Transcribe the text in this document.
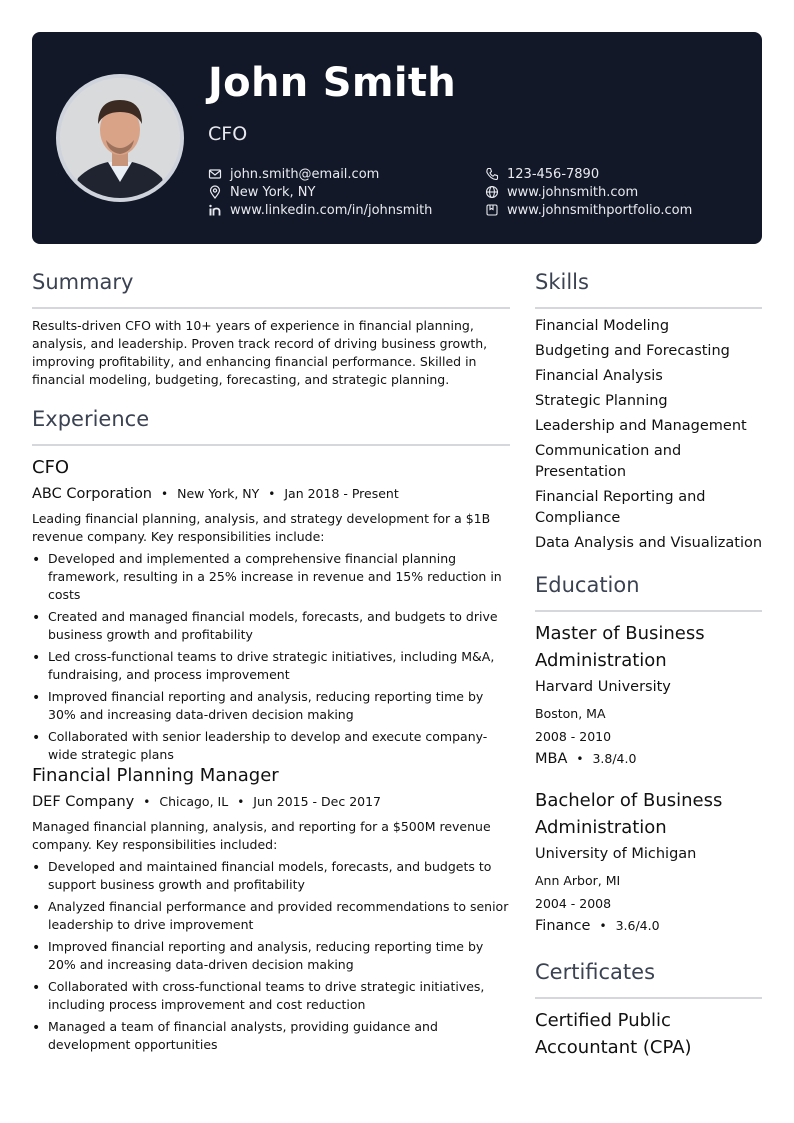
John Smith
CFO
john.smith@email.com
New York, NY
www.linkedin.com/in/johnsmith
123-456-7890
www.johnsmith.com
www.johnsmithportfolio.com
Summary
Results-driven CFO with 10+ years of experience in financial planning, analysis, and leadership. Proven track record of driving business growth, improving profitability, and enhancing financial performance. Skilled in financial modeling, budgeting, forecasting, and strategic planning.
Experience
CFO
ABC Corporation • New York, NY • Jan 2018 - Present
Leading financial planning, analysis, and strategy development for a $1B revenue company. Key responsibilities include:
• Developed and implemented a comprehensive financial planning framework, resulting in a 25% increase in revenue and 15% reduction in costs
• Created and managed financial models, forecasts, and budgets to drive business growth and profitability
• Led cross-functional teams to drive strategic initiatives, including M&A, fundraising, and process improvement
• Improved financial reporting and analysis, reducing reporting time by 30% and increasing data-driven decision making
• Collaborated with senior leadership to develop and execute company-wide strategic plans
Financial Planning Manager
DEF Company • Chicago, IL • Jun 2015 - Dec 2017
Managed financial planning, analysis, and reporting for a $500M revenue company. Key responsibilities included:
• Developed and maintained financial models, forecasts, and budgets to support business growth and profitability
• Analyzed financial performance and provided recommendations to senior leadership to drive improvement
• Improved financial reporting and analysis, reducing reporting time by 20% and increasing data-driven decision making
• Collaborated with cross-functional teams to drive strategic initiatives, including process improvement and cost reduction
• Managed a team of financial analysts, providing guidance and development opportunities
Skills
Financial Modeling
Budgeting and Forecasting
Financial Analysis
Strategic Planning
Leadership and Management
Communication and Presentation
Financial Reporting and Compliance
Data Analysis and Visualization
Education
Master of Business Administration
Harvard University
Boston, MA
2008 - 2010
MBA • 3.8/4.0
Bachelor of Business Administration
University of Michigan
Ann Arbor, MI
2004 - 2008
Finance • 3.6/4.0
Certificates
Certified Public Accountant (CPA)
